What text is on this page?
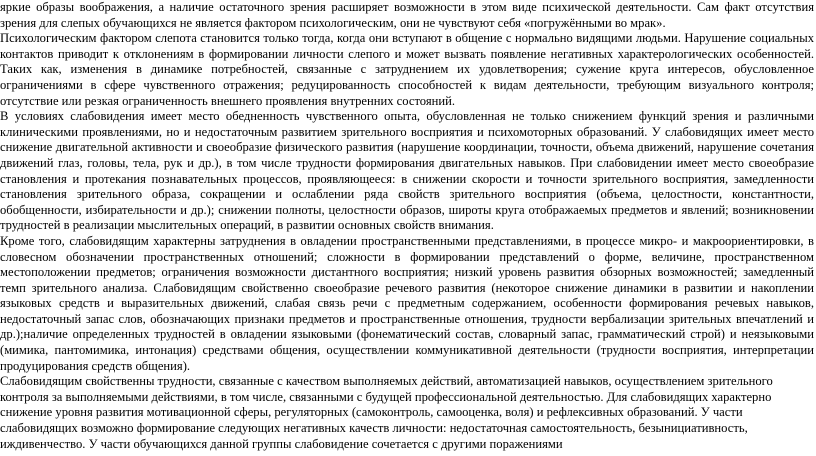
яркие образы воображения, а наличие остаточного зрения расширяет возможности в этом виде психической деятельности. Сам факт отсутствия зрения для слепых обучающихся не является фактором психологическим, они не чувствуют себя «погружёнными во мрак».

Психологическим фактором слепота становится только тогда, когда они вступают в общение с нормально видящими людьми. Нарушение социальных контактов приводит к отклонениям в формировании личности слепого и может вызвать появление негативных характерологических особенностей. Таких как, изменения в динамике потребностей, связанные с затруднением их удовлетворения; сужение круга интересов, обусловленное ограничениями в сфере чувственного отражения; редуцированность способностей к видам деятельности, требующим визуального контроля; отсутствие или резкая ограниченность внешнего проявления внутренних состояний.

В условиях слабовидения имеет место обедненность чувственного опыта, обусловленная не только снижением функций зрения и различными клиническими проявлениями, но и недостаточным развитием зрительного восприятия и психомоторных образований. У слабовидящих имеет место снижение двигательной активности и своеобразие физического развития (нарушение координации, точности, объема движений, нарушение сочетания движений глаз, головы, тела, рук и др.), в том числе трудности формирования двигательных навыков. При слабовидении имеет место своеобразие становления и протекания познавательных процессов, проявляющееся: в снижении скорости и точности зрительного восприятия, замедленности становления зрительного образа, сокращении и ослаблении ряда свойств зрительного восприятия (объема, целостности, константности, обобщенности, избирательности и др.); снижении полноты, целостности образов, широты круга отображаемых предметов и явлений; возникновении трудностей в реализации мыслительных операций, в развитии основных свойств внимания.

Кроме того, слабовидящим характерны затруднения в овладении пространственными представлениями, в процессе микро- и макроориентировки, в словесном обозначении пространственных отношений; сложности в формировании представлений о форме, величине, пространственном местоположении предметов; ограничения возможности дистантного восприятия; низкий уровень развития обзорных возможностей; замедленный темп зрительного анализа. Слабовидящим свойственно своеобразие речевого развития (некоторое снижение динамики в развитии и накоплении языковых средств и выразительных движений, слабая связь речи с предметным содержанием, особенности формирования речевых навыков, недостаточный запас слов, обозначающих признаки предметов и пространственные отношения, трудности вербализации зрительных впечатлений и др.);наличие определенных трудностей в овладении языковыми (фонематический состав, словарный запас, грамматический строй) и неязыковыми (мимика, пантомимика, интонация) средствами общения, осуществлении коммуникативной деятельности (трудности восприятия, интерпретации продуцирования средств общения).

Слабовидящим свойственны трудности, связанные с качеством выполняемых действий, автоматизацией навыков, осуществлением зрительного контроля за выполняемыми действиями, в том числе, связанными с будущей профессиональной деятельностью. Для слабовидящих характерно снижение уровня развития мотивационной сферы, регуляторных (самоконтроль, самооценка, воля) и рефлексивных образований. У части слабовидящих возможно формирование следующих негативных качеств личности: недостаточная самостоятельность, безынициативность, иждивенчество. У части обучающихся данной группы слабовидение сочетается с другими поражениями
